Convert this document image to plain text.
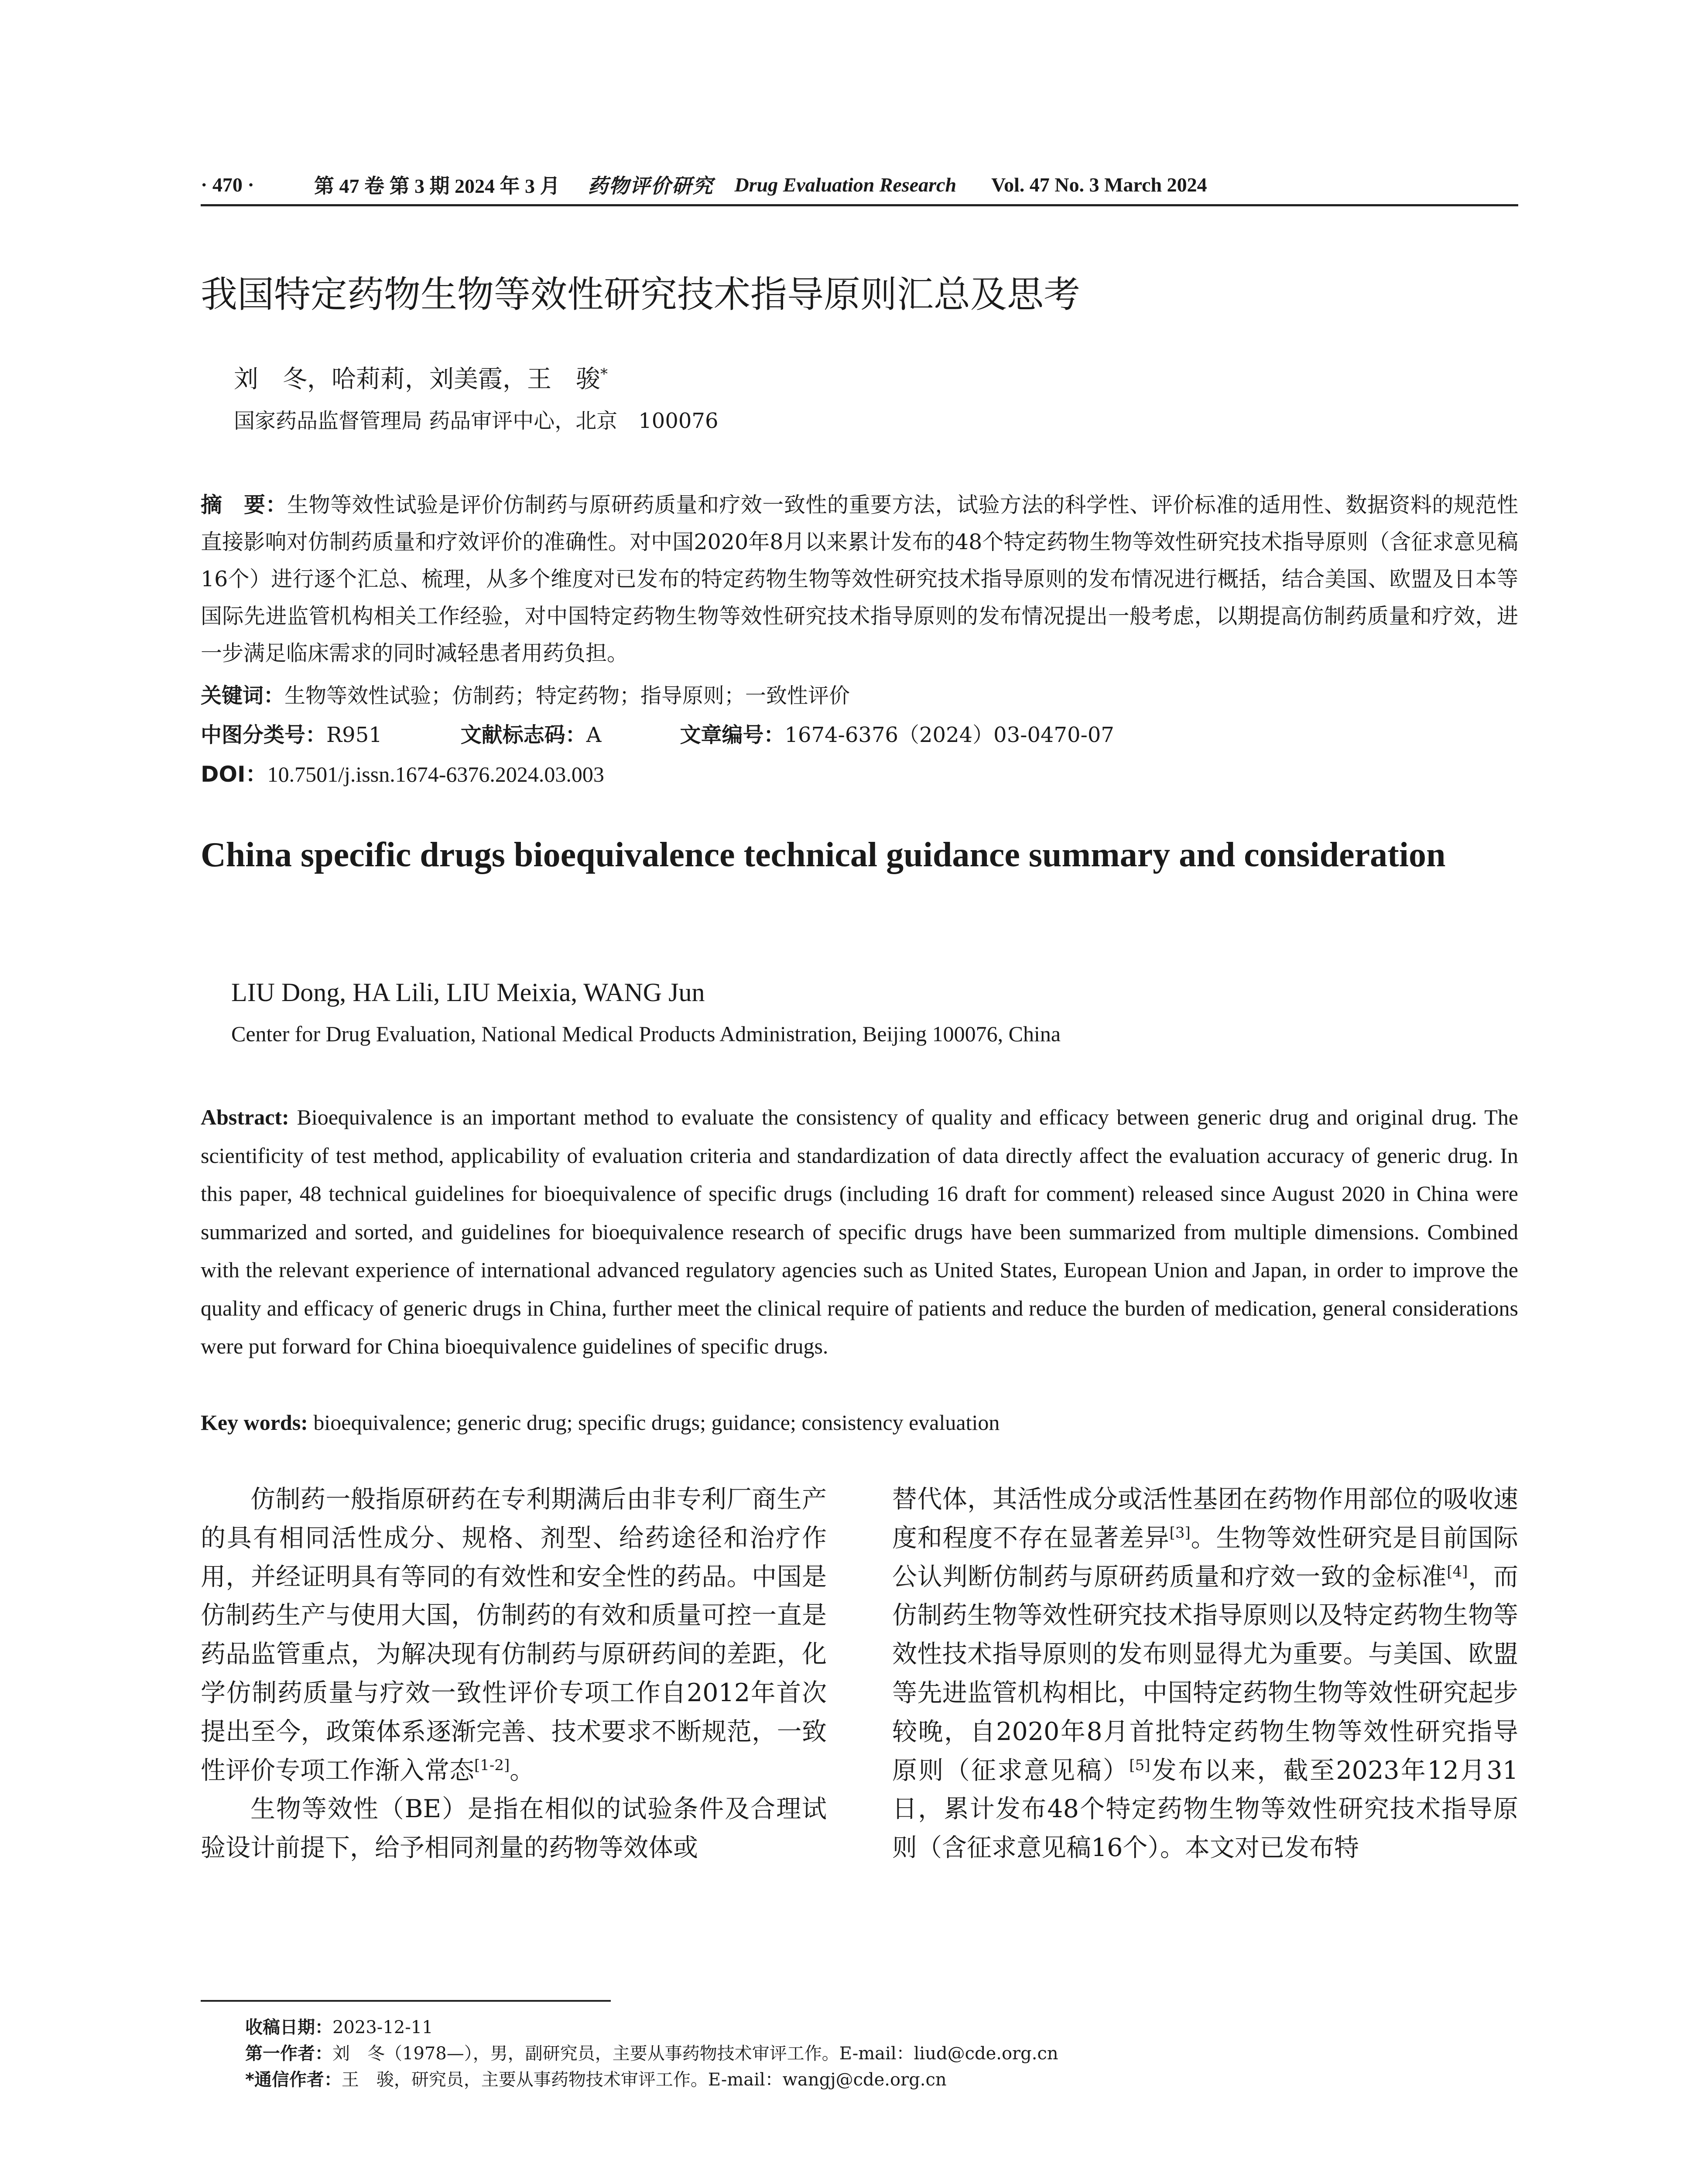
· 470 ·	第 47 卷 第 3 期 2024 年 3 月 药物评价研究 Drug Evaluation Research Vol. 47 No. 3 March 2024
我国特定药物生物等效性研究技术指导原则汇总及思考
刘　冬，哈莉莉，刘美霞，王　骏*
国家药品监督管理局 药品审评中心，北京　100076
摘　要：生物等效性试验是评价仿制药与原研药质量和疗效一致性的重要方法，试验方法的科学性、评价标准的适用性、数据资料的规范性直接影响对仿制药质量和疗效评价的准确性。对中国2020年8月以来累计发布的48个特定药物生物等效性研究技术指导原则（含征求意见稿16个）进行逐个汇总、梳理，从多个维度对已发布的特定药物生物等效性研究技术指导原则的发布情况进行概括，结合美国、欧盟及日本等国际先进监管机构相关工作经验，对中国特定药物生物等效性研究技术指导原则的发布情况提出一般考虑，以期提高仿制药质量和疗效，进一步满足临床需求的同时减轻患者用药负担。
关键词：生物等效性试验；仿制药；特定药物；指导原则；一致性评价
中图分类号：R951	文献标志码：A	文章编号：1674-6376（2024）03-0470-07
DOI：10.7501/j.issn.1674-6376.2024.03.003
China specific drugs bioequivalence technical guidance summary and consideration
LIU Dong, HA Lili, LIU Meixia, WANG Jun
Center for Drug Evaluation, National Medical Products Administration, Beijing 100076, China
Abstract: Bioequivalence is an important method to evaluate the consistency of quality and efficacy between generic drug and original drug. The scientificity of test method, applicability of evaluation criteria and standardization of data directly affect the evaluation accuracy of generic drug. In this paper, 48 technical guidelines for bioequivalence of specific drugs (including 16 draft for comment) released since August 2020 in China were summarized and sorted, and guidelines for bioequivalence research of specific drugs have been summarized from multiple dimensions. Combined with the relevant experience of international advanced regulatory agencies such as United States, European Union and Japan, in order to improve the quality and efficacy of generic drugs in China, further meet the clinical require of patients and reduce the burden of medication, general considerations were put forward for China bioequivalence guidelines of specific drugs.
Key words: bioequivalence; generic drug; specific drugs; guidance; consistency evaluation

仿制药一般指原研药在专利期满后由非专利厂商生产的具有相同活性成分、规格、剂型、给药途径和治疗作用，并经证明具有等同的有效性和安全性的药品。中国是仿制药生产与使用大国，仿制药的有效和质量可控一直是药品监管重点，为解决现有仿制药与原研药间的差距，化学仿制药质量与疗效一致性评价专项工作自2012年首次提出至今，政策体系逐渐完善、技术要求不断规范，一致性评价专项工作渐入常态[1-2]。

生物等效性（BE）是指在相似的试验条件及合理试验设计前提下，给予相同剂量的药物等效体或

替代体，其活性成分或活性基团在药物作用部位的吸收速度和程度不存在显著差异[3]。生物等效性研究是目前国际公认判断仿制药与原研药质量和疗效一致的金标准[4]，而仿制药生物等效性研究技术指导原则以及特定药物生物等效性技术指导原则的发布则显得尤为重要。与美国、欧盟等先进监管机构相比，中国特定药物生物等效性研究起步较晚，自2020年8月首批特定药物生物等效性研究指导原则（征求意见稿）[5]发布以来，截至2023年12月31日，累计发布48个特定药物生物等效性研究技术指导原则（含征求意见稿16个）。本文对已发布特

收稿日期：2023-12-11
第一作者：刘　冬（1978—），男，副研究员，主要从事药物技术审评工作。E-mail：liud@cde.org.cn
*通信作者：王　骏，研究员，主要从事药物技术审评工作。E-mail：wangj@cde.org.cn
